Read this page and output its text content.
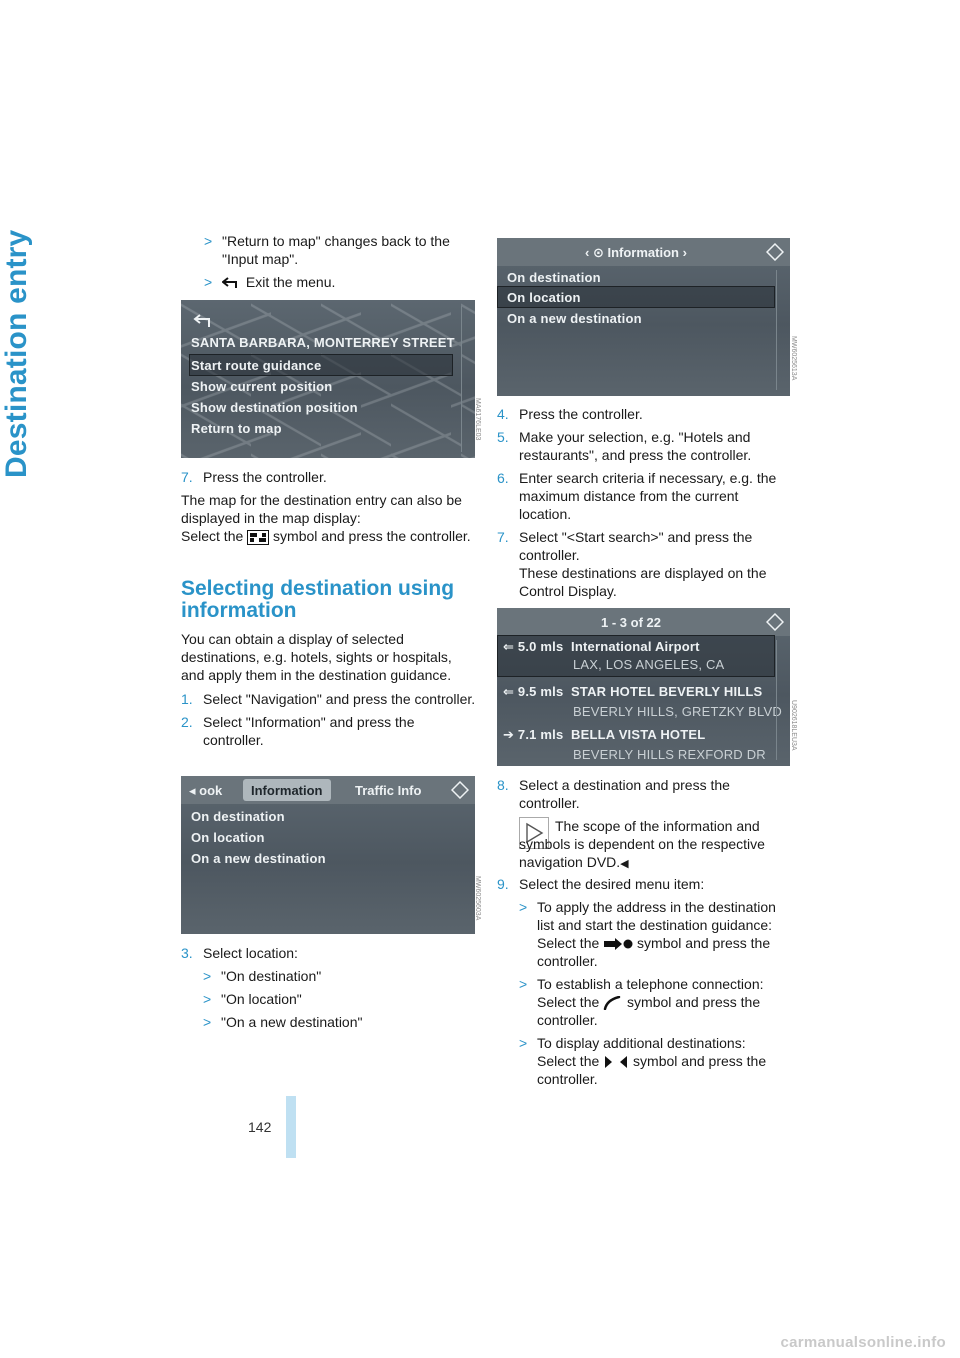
Destination entry	> "Return to map" changes back to the "Input map".
> Exit the menu.
SANTA BARBARA, MONTERREY STREET
Start route guidance
Show current position
Show destination position
Return to map	MA6176LE03
7. Press the controller.
The map for the destination entry can also be displayed in the map display:
Select the symbol and press the controller.
Selecting destination using information
You can obtain a display of selected destinations, e.g. hotels, sights or hospitals, and apply them in the destination guidance.
1. Select "Navigation" and press the controller.
2. Select "Information" and press the controller.
◂ ook	Information	Traffic Info
On destination
On location
On a new destination
MW6025603A
3. Select location:
> "On destination"
> "On location"
> "On a new destination"
‹ ⊙ Information ›
On destination
On location
On a new destination
MW6025613A
4. Press the controller.
5. Make your selection, e.g. "Hotels and restaurants", and press the controller.
6. Enter search criteria if necessary, e.g. the maximum distance from the current location.
7. Select "<Start search>" and press the controller.
These destinations are displayed on the Control Display.
1 - 3 of 22
⇐ 5.0 mls International Airport
LAX, LOS ANGELES, CA
⇐ 9.5 mls STAR HOTEL BEVERLY HILLS
BEVERLY HILLS, GRETZKY BLVD
➔ 7.1 mls BELLA VISTA HOTEL
BEVERLY HILLS REXFORD DR
U902618LEU3A
8. Select a destination and press the controller.
The scope of the information and symbols is dependent on the respective navigation DVD.◀
9. Select the desired menu item:
> To apply the address in the destination list and start the destination guidance:
Select the	symbol and press the controller.
> To establish a telephone connection:
Select the symbol and press the controller.
> To display additional destinations:
Select the symbol and press the controller.
142
carmanualsonline.info
